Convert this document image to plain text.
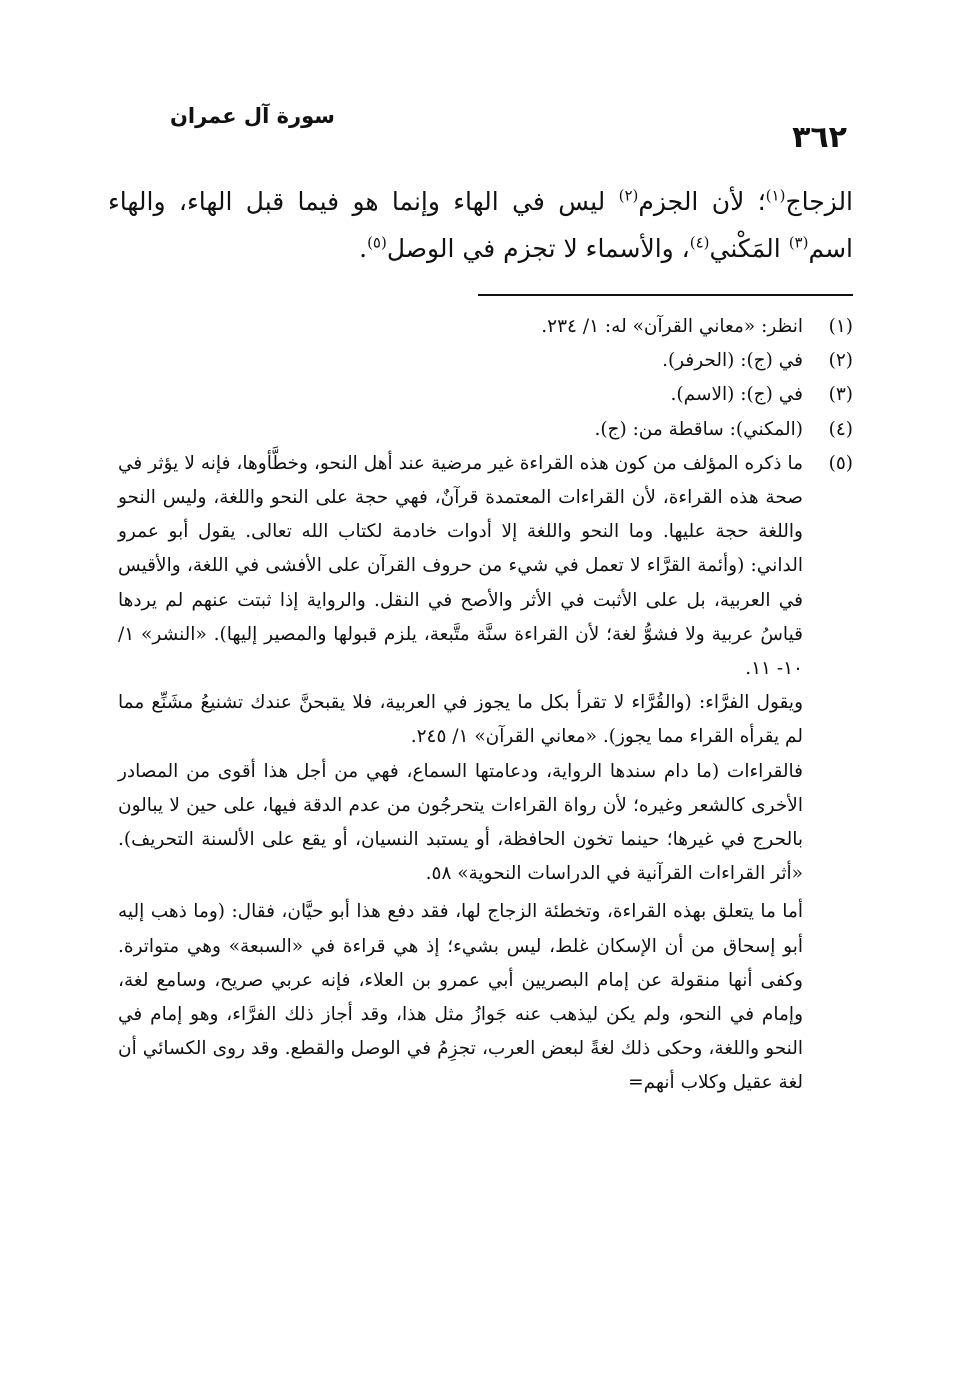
٣٦٢
سورة آل عمران

الزجاج$^{(١)}$؛ لأن الجزم$^{(٢)}$ ليس في الهاء وإنما هو فيما قبل الهاء، والهاء اسم$^{(٣)}$ المَكْني$^{(٤)}$، والأسماء لا تجزم في الوصل$^{(٥)}$.

(١)
انظر: «معاني القرآن» له: ١/ ٢٣٤.
(٢)
في (ج): (الحرفر).
(٣)
في (ج): (الاسم).
(٤)
(المكني): ساقطة من: (ج).
(٥)
ما ذكره المؤلف من كون هذه القراءة غير مرضية عند أهل النحو، وخطَّأوها، فإنه لا يؤثر في صحة هذه القراءة، لأن القراءات المعتمدة قرآنٌ، فهي حجة على النحو واللغة، وليس النحو واللغة حجة عليها. وما النحو واللغة إلا أدوات خادمة لكتاب الله تعالى. يقول أبو عمرو الداني: (وأئمة القرَّاء لا تعمل في شيء من حروف القرآن على الأفشى في اللغة، والأقيس في العربية، بل على الأثبت في الأثر والأصح في النقل. والرواية إذا ثبتت عنهم لم يردها قياسُ عربية ولا فشوُّ لغة؛ لأن القراءة سنَّة متَّبعة، يلزم قبولها والمصير إليها). «النشر» ١/ ١٠- ١١.
ويقول الفرَّاء: (والقُرَّاء لا تقرأ بكل ما يجوز في العربية، فلا يقبحنَّ عندك تشنيعُ مشَنِّع مما لم يقرأه القراء مما يجوز). «معاني القرآن» ١/ ٢٤٥.
فالقراءات (ما دام سندها الرواية، ودعامتها السماع، فهي من أجل هذا أقوى من المصادر الأخرى كالشعر وغيره؛ لأن رواة القراءات يتحرجُون من عدم الدقة فيها، على حين لا يبالون بالحرج في غيرها؛ حينما تخون الحافظة، أو يستبد النسيان، أو يقع على الألسنة التحريف). «أثر القراءات القرآنية في الدراسات النحوية» ٥٨.
أما ما يتعلق بهذه القراءة، وتخطئة الزجاج لها، فقد دفع هذا أبو حيَّان، فقال: (وما ذهب إليه أبو إسحاق من أن الإسكان غلط، ليس بشيء؛ إذ هي قراءة في «السبعة» وهي متواترة. وكفى أنها منقولة عن إمام البصريين أبي عمرو بن العلاء، فإنه عربي صريح، وسامع لغة، وإمام في النحو، ولم يكن ليذهب عنه جَوازُ مثل هذا، وقد أجاز ذلك الفرَّاء، وهو إمام في النحو واللغة، وحكى ذلك لغةً لبعض العرب، تجزِمُ في الوصل والقطع. وقد روى الكسائي أن لغة عقيل وكلاب أنهم=
